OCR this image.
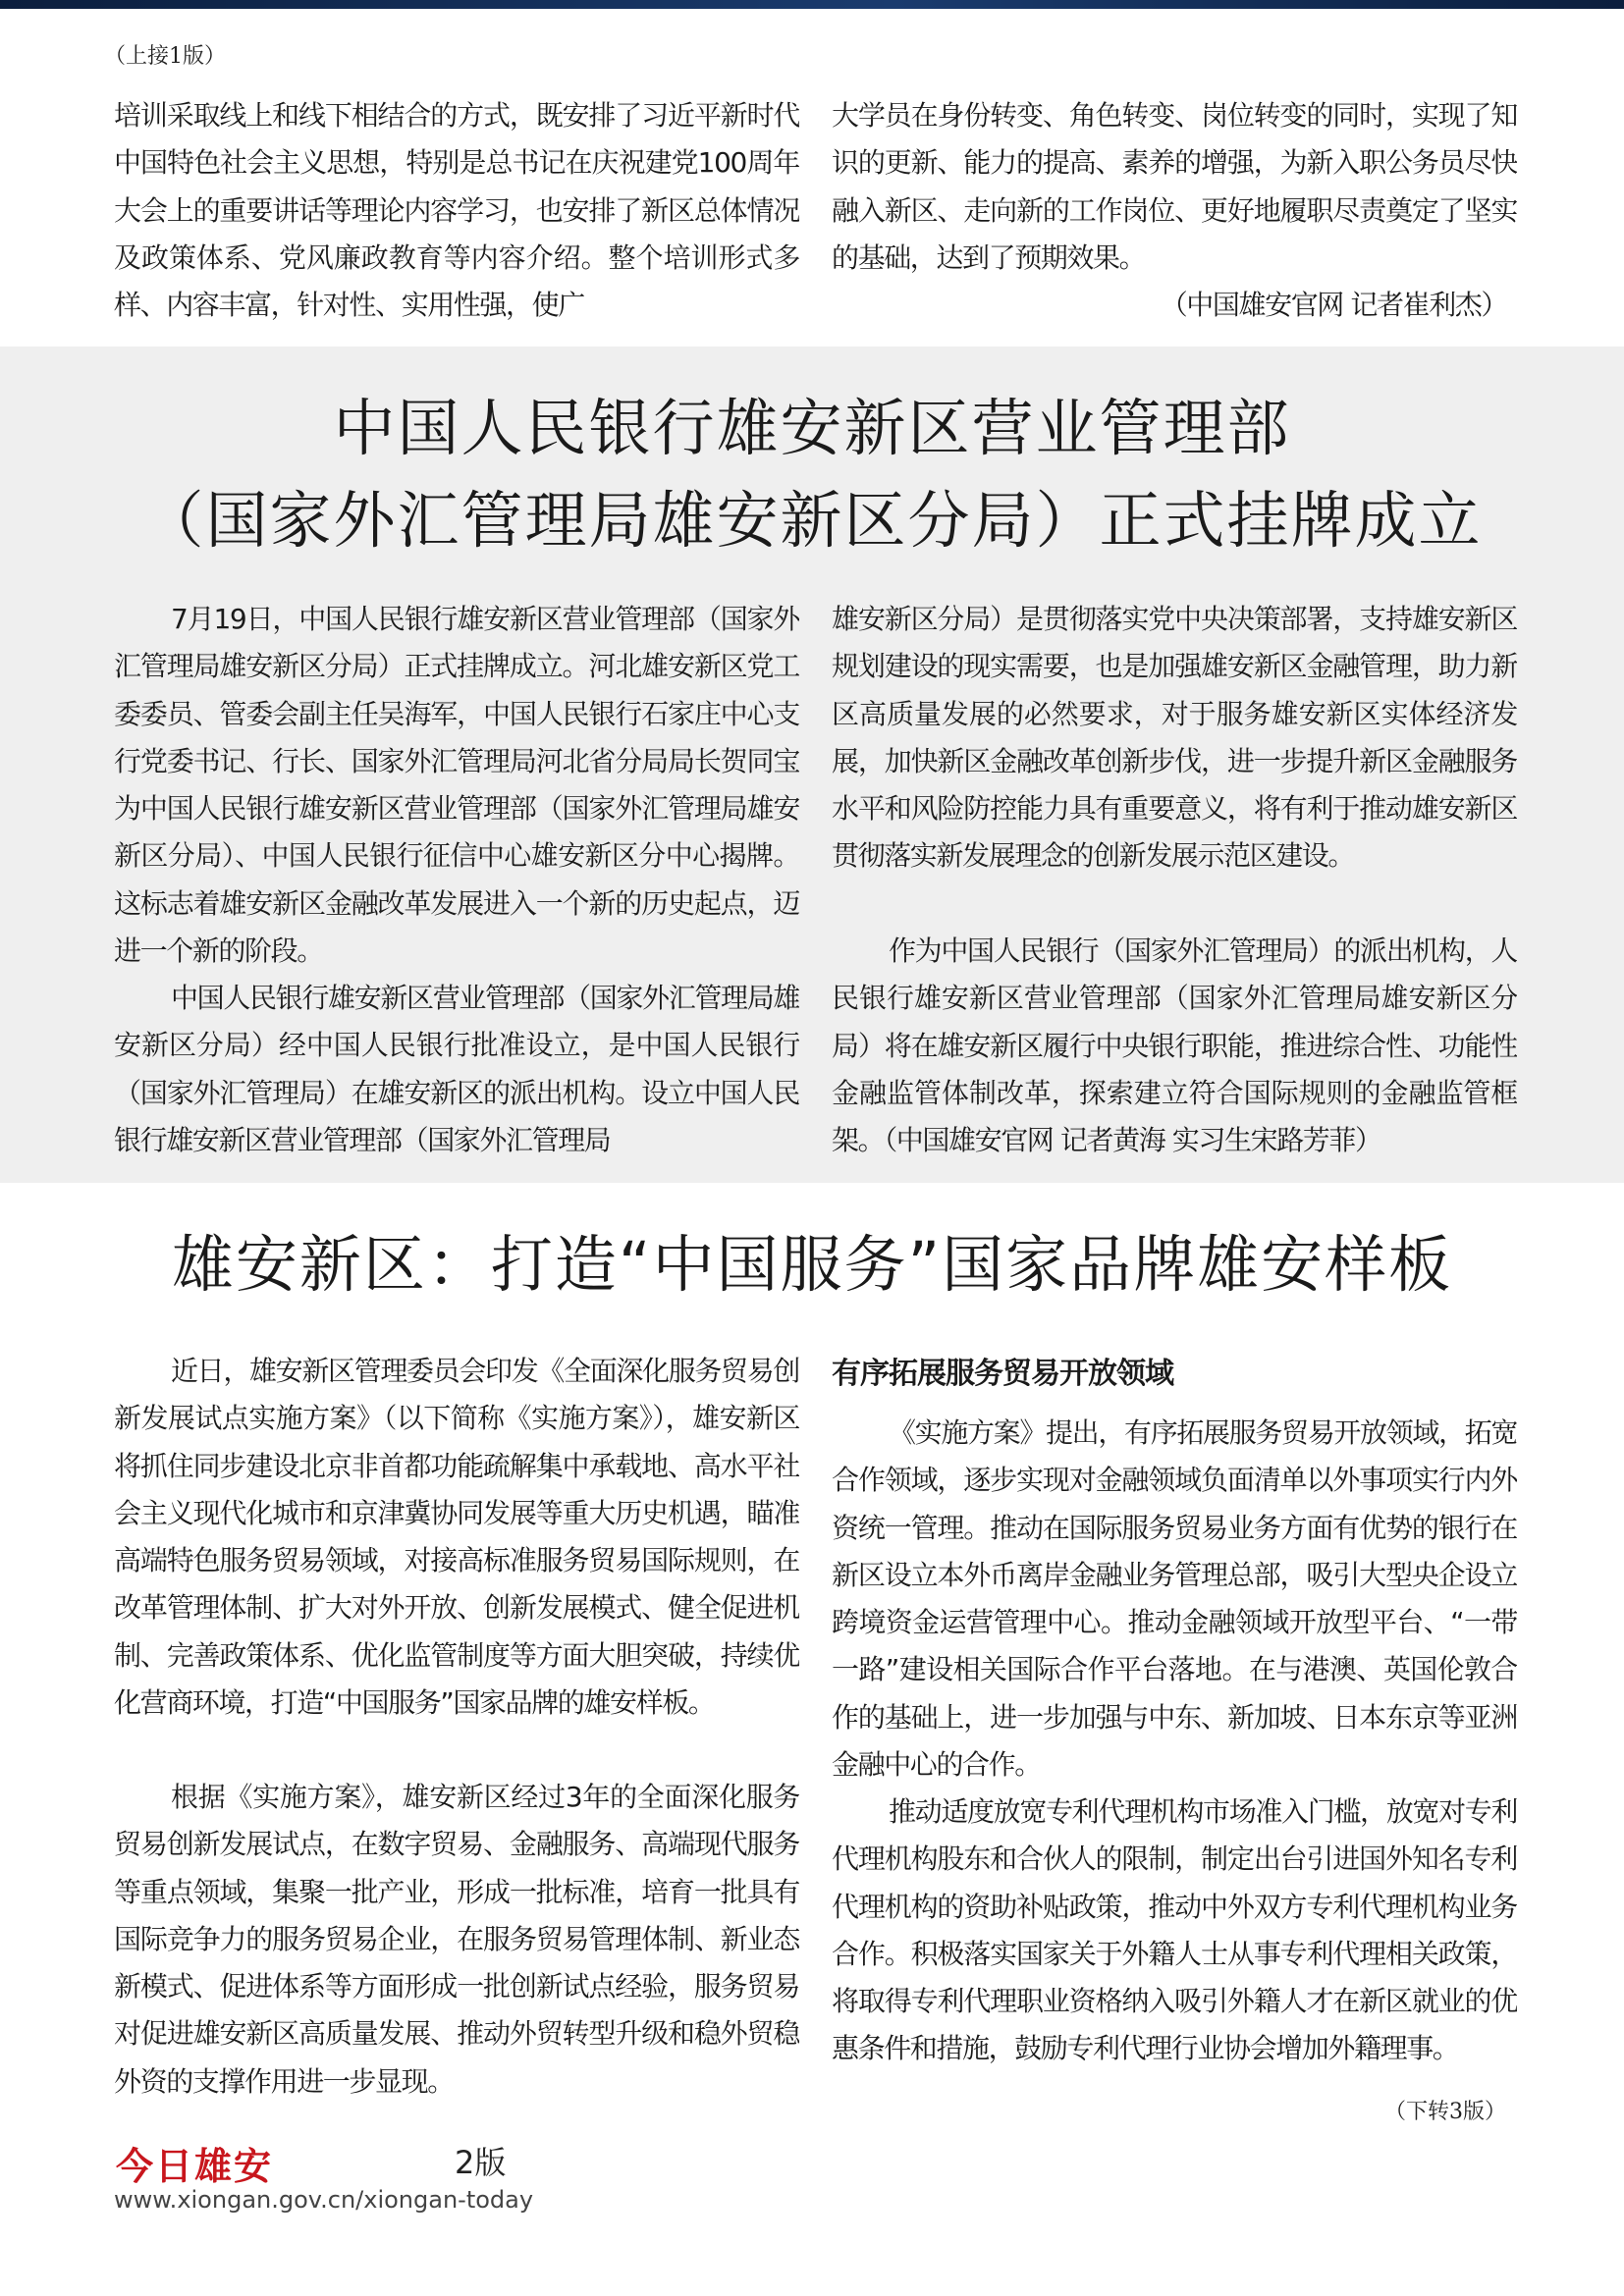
（上接1版）

培训采取线上和线下相结合的方式，既安排了习近平新时代中国特色社会主义思想，特别是总书记在庆祝建党100周年大会上的重要讲话等理论内容学习，也安排了新区总体情况及政策体系、党风廉政教育等内容介绍。整个培训形式多样、内容丰富，针对性、实用性强，使广

大学员在身份转变、角色转变、岗位转变的同时，实现了知识的更新、能力的提高、素养的增强，为新入职公务员尽快融入新区、走向新的工作岗位、更好地履职尽责奠定了坚实的基础，达到了预期效果。

（中国雄安官网 记者崔利杰）

中国人民银行雄安新区营业管理部
（国家外汇管理局雄安新区分局）正式挂牌成立

7月19日，中国人民银行雄安新区营业管理部（国家外汇管理局雄安新区分局）正式挂牌成立。河北雄安新区党工委委员、管委会副主任吴海军，中国人民银行石家庄中心支行党委书记、行长、国家外汇管理局河北省分局局长贺同宝为中国人民银行雄安新区营业管理部（国家外汇管理局雄安新区分局）、中国人民银行征信中心雄安新区分中心揭牌。这标志着雄安新区金融改革发展进入一个新的历史起点，迈进一个新的阶段。

中国人民银行雄安新区营业管理部（国家外汇管理局雄安新区分局）经中国人民银行批准设立，是中国人民银行（国家外汇管理局）在雄安新区的派出机构。设立中国人民银行雄安新区营业管理部（国家外汇管理局

雄安新区分局）是贯彻落实党中央决策部署，支持雄安新区规划建设的现实需要，也是加强雄安新区金融管理，助力新区高质量发展的必然要求，对于服务雄安新区实体经济发展，加快新区金融改革创新步伐，进一步提升新区金融服务水平和风险防控能力具有重要意义，将有利于推动雄安新区贯彻落实新发展理念的创新发展示范区建设。

作为中国人民银行（国家外汇管理局）的派出机构，人民银行雄安新区营业管理部（国家外汇管理局雄安新区分局）将在雄安新区履行中央银行职能，推进综合性、功能性金融监管体制改革，探索建立符合国际规则的金融监管框架。（中国雄安官网 记者黄海 实习生宋路芳菲）

雄安新区：打造“中国服务”国家品牌雄安样板

近日，雄安新区管理委员会印发《全面深化服务贸易创新发展试点实施方案》（以下简称《实施方案》），雄安新区将抓住同步建设北京非首都功能疏解集中承载地、高水平社会主义现代化城市和京津冀协同发展等重大历史机遇，瞄准高端特色服务贸易领域，对接高标准服务贸易国际规则，在改革管理体制、扩大对外开放、创新发展模式、健全促进机制、完善政策体系、优化监管制度等方面大胆突破，持续优化营商环境，打造“中国服务”国家品牌的雄安样板。

根据《实施方案》，雄安新区经过3年的全面深化服务贸易创新发展试点，在数字贸易、金融服务、高端现代服务等重点领域，集聚一批产业，形成一批标准，培育一批具有国际竞争力的服务贸易企业，在服务贸易管理体制、新业态新模式、促进体系等方面形成一批创新试点经验，服务贸易对促进雄安新区高质量发展、推动外贸转型升级和稳外贸稳外资的支撑作用进一步显现。

有序拓展服务贸易开放领域

《实施方案》提出，有序拓展服务贸易开放领域，拓宽合作领域，逐步实现对金融领域负面清单以外事项实行内外资统一管理。推动在国际服务贸易业务方面有优势的银行在新区设立本外币离岸金融业务管理总部，吸引大型央企设立跨境资金运营管理中心。推动金融领域开放型平台、“一带一路”建设相关国际合作平台落地。在与港澳、英国伦敦合作的基础上，进一步加强与中东、新加坡、日本东京等亚洲金融中心的合作。

推动适度放宽专利代理机构市场准入门槛，放宽对专利代理机构股东和合伙人的限制，制定出台引进国外知名专利代理机构的资助补贴政策，推动中外双方专利代理机构业务合作。积极落实国家关于外籍人士从事专利代理相关政策，将取得专利代理职业资格纳入吸引外籍人才在新区就业的优惠条件和措施，鼓励专利代理行业协会增加外籍理事。

（下转3版）
今日雄安	2版
www.xiongan.gov.cn/xiongan-today
